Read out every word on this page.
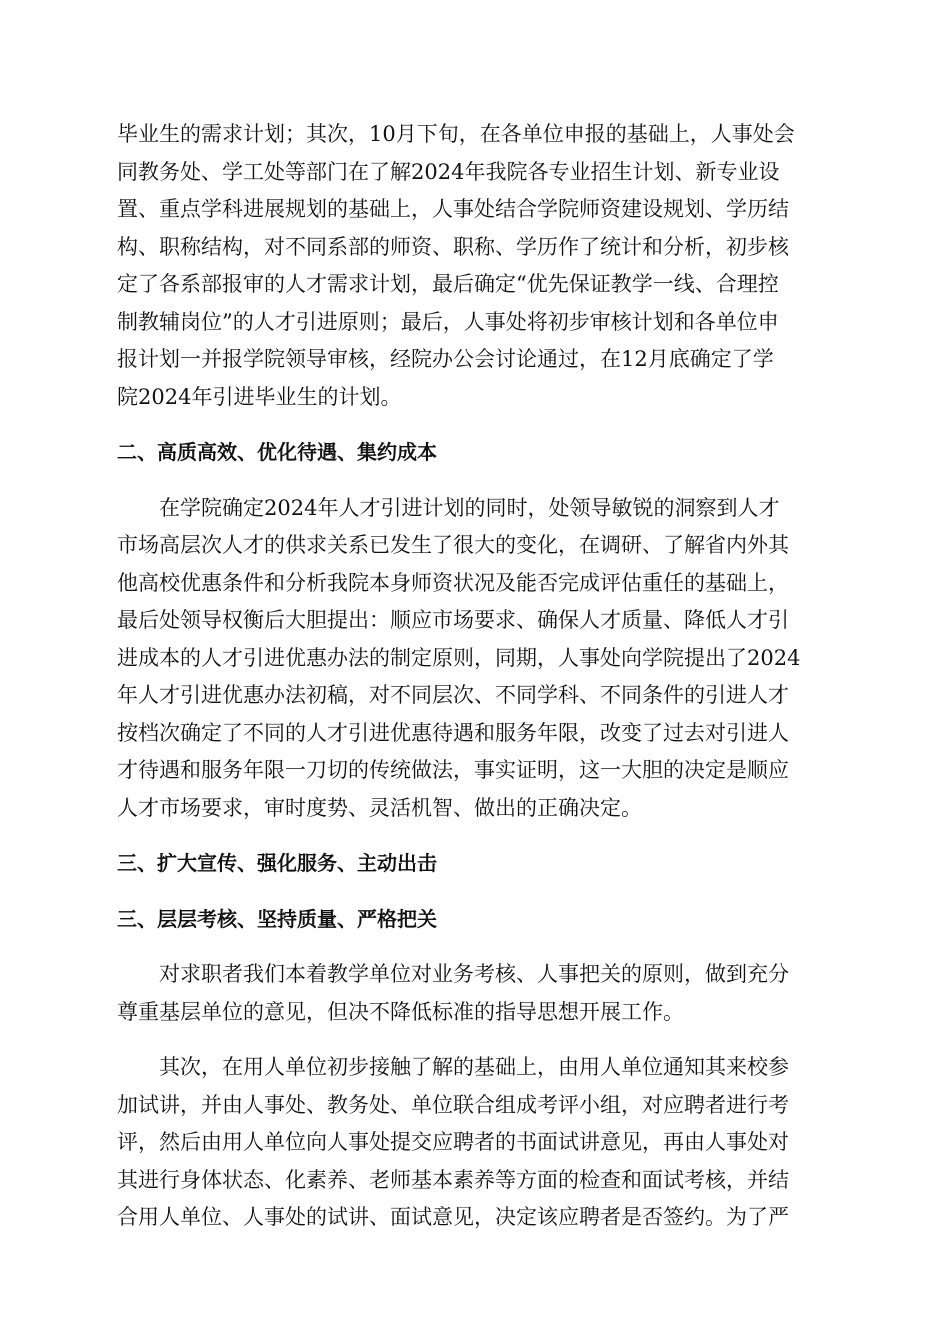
毕业生的需求计划；其次，10月下旬，在各单位申报的基础上，人事处会
同教务处、学工处等部门在了解2024年我院各专业招生计划、新专业设
置、重点学科进展规划的基础上，人事处结合学院师资建设规划、学历结
构、职称结构，对不同系部的师资、职称、学历作了统计和分析，初步核
定了各系部报审的人才需求计划，最后确定“优先保证教学一线、合理控
制教辅岗位”的人才引进原则；最后，人事处将初步审核计划和各单位申
报计划一并报学院领导审核，经院办公会讨论通过，在12月底确定了学
院2024年引进毕业生的计划。
二、高质高效、优化待遇、集约成本
在学院确定2024年人才引进计划的同时，处领导敏锐的洞察到人才
市场高层次人才的供求关系已发生了很大的变化，在调研、了解省内外其
他高校优惠条件和分析我院本身师资状况及能否完成评估重任的基础上，
最后处领导权衡后大胆提出：顺应市场要求、确保人才质量、降低人才引
进成本的人才引进优惠办法的制定原则，同期，人事处向学院提出了2024
年人才引进优惠办法初稿，对不同层次、不同学科、不同条件的引进人才
按档次确定了不同的人才引进优惠待遇和服务年限，改变了过去对引进人
才待遇和服务年限一刀切的传统做法，事实证明，这一大胆的决定是顺应
人才市场要求，审时度势、灵活机智、做出的正确决定。
三、扩大宣传、强化服务、主动出击
三、层层考核、坚持质量、严格把关
对求职者我们本着教学单位对业务考核、人事把关的原则，做到充分
尊重基层单位的意见，但决不降低标准的指导思想开展工作。
其次，在用人单位初步接触了解的基础上，由用人单位通知其来校参
加试讲，并由人事处、教务处、单位联合组成考评小组，对应聘者进行考
评，然后由用人单位向人事处提交应聘者的书面试讲意见，再由人事处对
其进行身体状态、化素养、老师基本素养等方面的检查和面试考核，并结
合用人单位、人事处的试讲、面试意见，决定该应聘者是否签约。为了严
